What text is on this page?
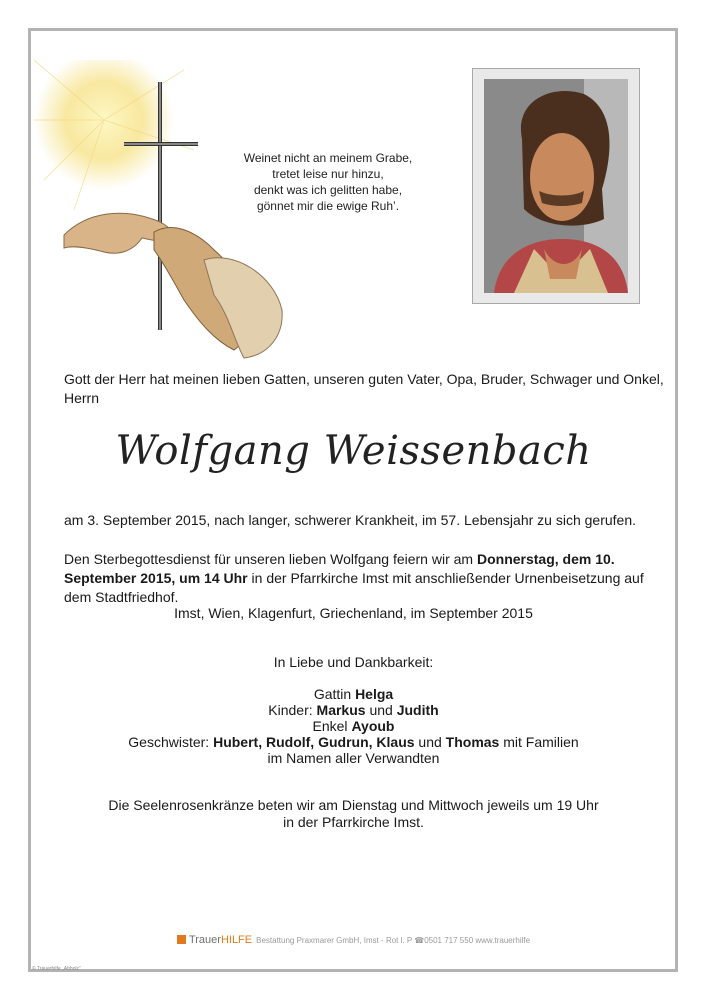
Weinet nicht an meinem Grabe,
tretet leise nur hinzu,
denkt was ich gelitten habe,
gönnet mir die ewige Ruh’.
Gott der Herr hat meinen lieben Gatten, unseren guten Vater, Opa, Bruder, Schwager und Onkel, Herrn
Wolfgang Weissenbach
am 3. September 2015, nach langer, schwerer Krankheit, im 57. Lebensjahr zu sich gerufen.
Den Sterbegottesdienst für unseren lieben Wolfgang feiern wir am Donnerstag, dem 10. September 2015, um 14 Uhr in der Pfarrkirche Imst mit anschließender Urnenbeisetzung auf dem Stadtfriedhof.
Imst, Wien, Klagenfurt, Griechenland, im September 2015
In Liebe und Dankbarkeit:
Gattin Helga
Kinder: Markus und Judith
Enkel Ayoub
Geschwister: Hubert, Rudolf, Gudrun, Klaus und Thomas mit Familien
im Namen aller Verwandten
Die Seelenrosenkränze beten wir am Dienstag und Mittwoch jeweils um 19 Uhr
in der Pfarrkirche Imst.
TrauerHILFE Bestattung Praxmarer GmbH, Imst - Rot l. P ☎0501 717 550 www.trauerhilfe
© Trauerhilfe „Abholz“
